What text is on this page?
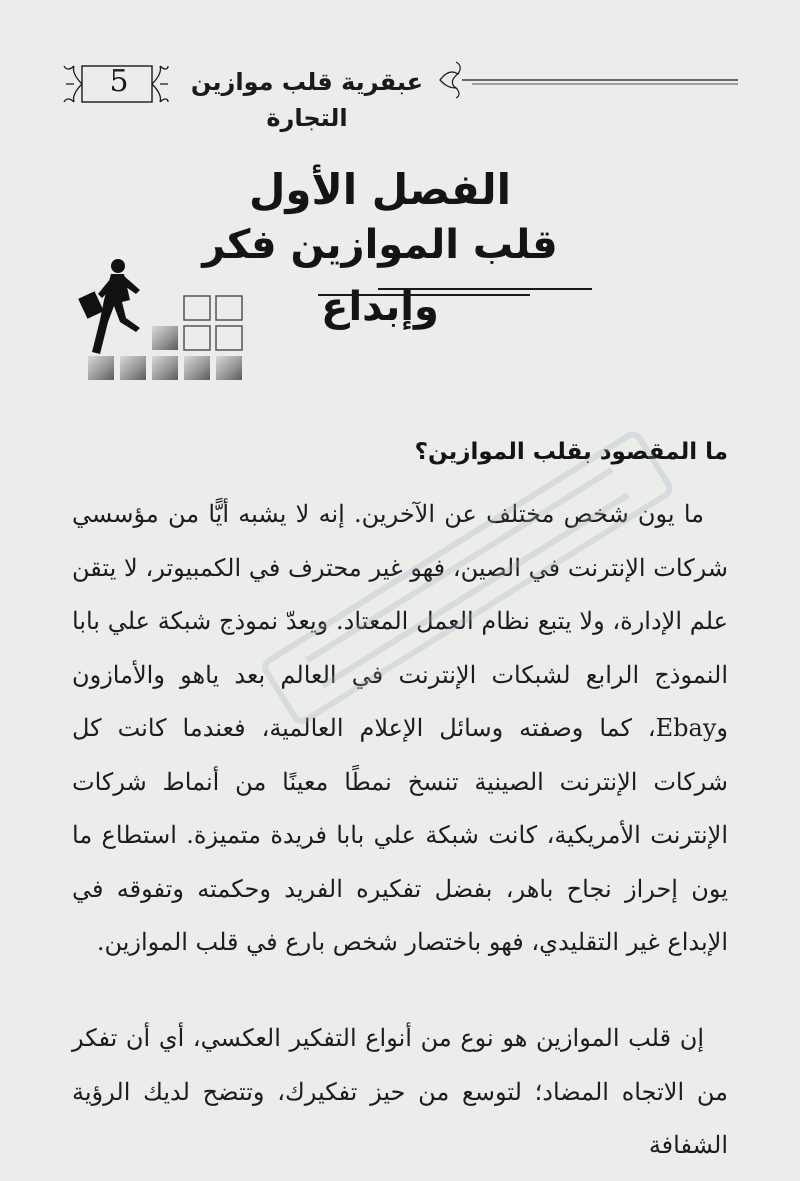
5	عبقرية قلب موازين التجارة
الفصل الأول
قلب الموازين فكر وإبداع
ما المقصود بقلب الموازين؟

ما يون شخص مختلف عن الآخرين. إنه لا يشبه أيًّا من مؤسسي شركات الإنترنت في الصين، فهو غير محترف في الكمبيوتر، لا يتقن علم الإدارة، ولا يتبع نظام العمل المعتاد. ويعدّ نموذج شبكة علي بابا النموذج الرابع لشبكات الإنترنت في العالم بعد ياهو والأمازون وEbay، كما وصفته وسائل الإعلام العالمية، فعندما كانت كل شركات الإنترنت الصينية تنسخ نمطًا معينًا من أنماط شركات الإنترنت الأمريكية، كانت شبكة علي بابا فريدة متميزة. استطاع ما يون إحراز نجاح باهر، بفضل تفكيره الفريد وحكمته وتفوقه في الإبداع غير التقليدي، فهو باختصار شخص بارع في قلب الموازين.

إن قلب الموازين هو نوع من أنواع التفكير العكسي، أي أن تفكر من الاتجاه المضاد؛ لتوسع من حيز تفكيرك، وتتضح لديك الرؤية الشفافة
